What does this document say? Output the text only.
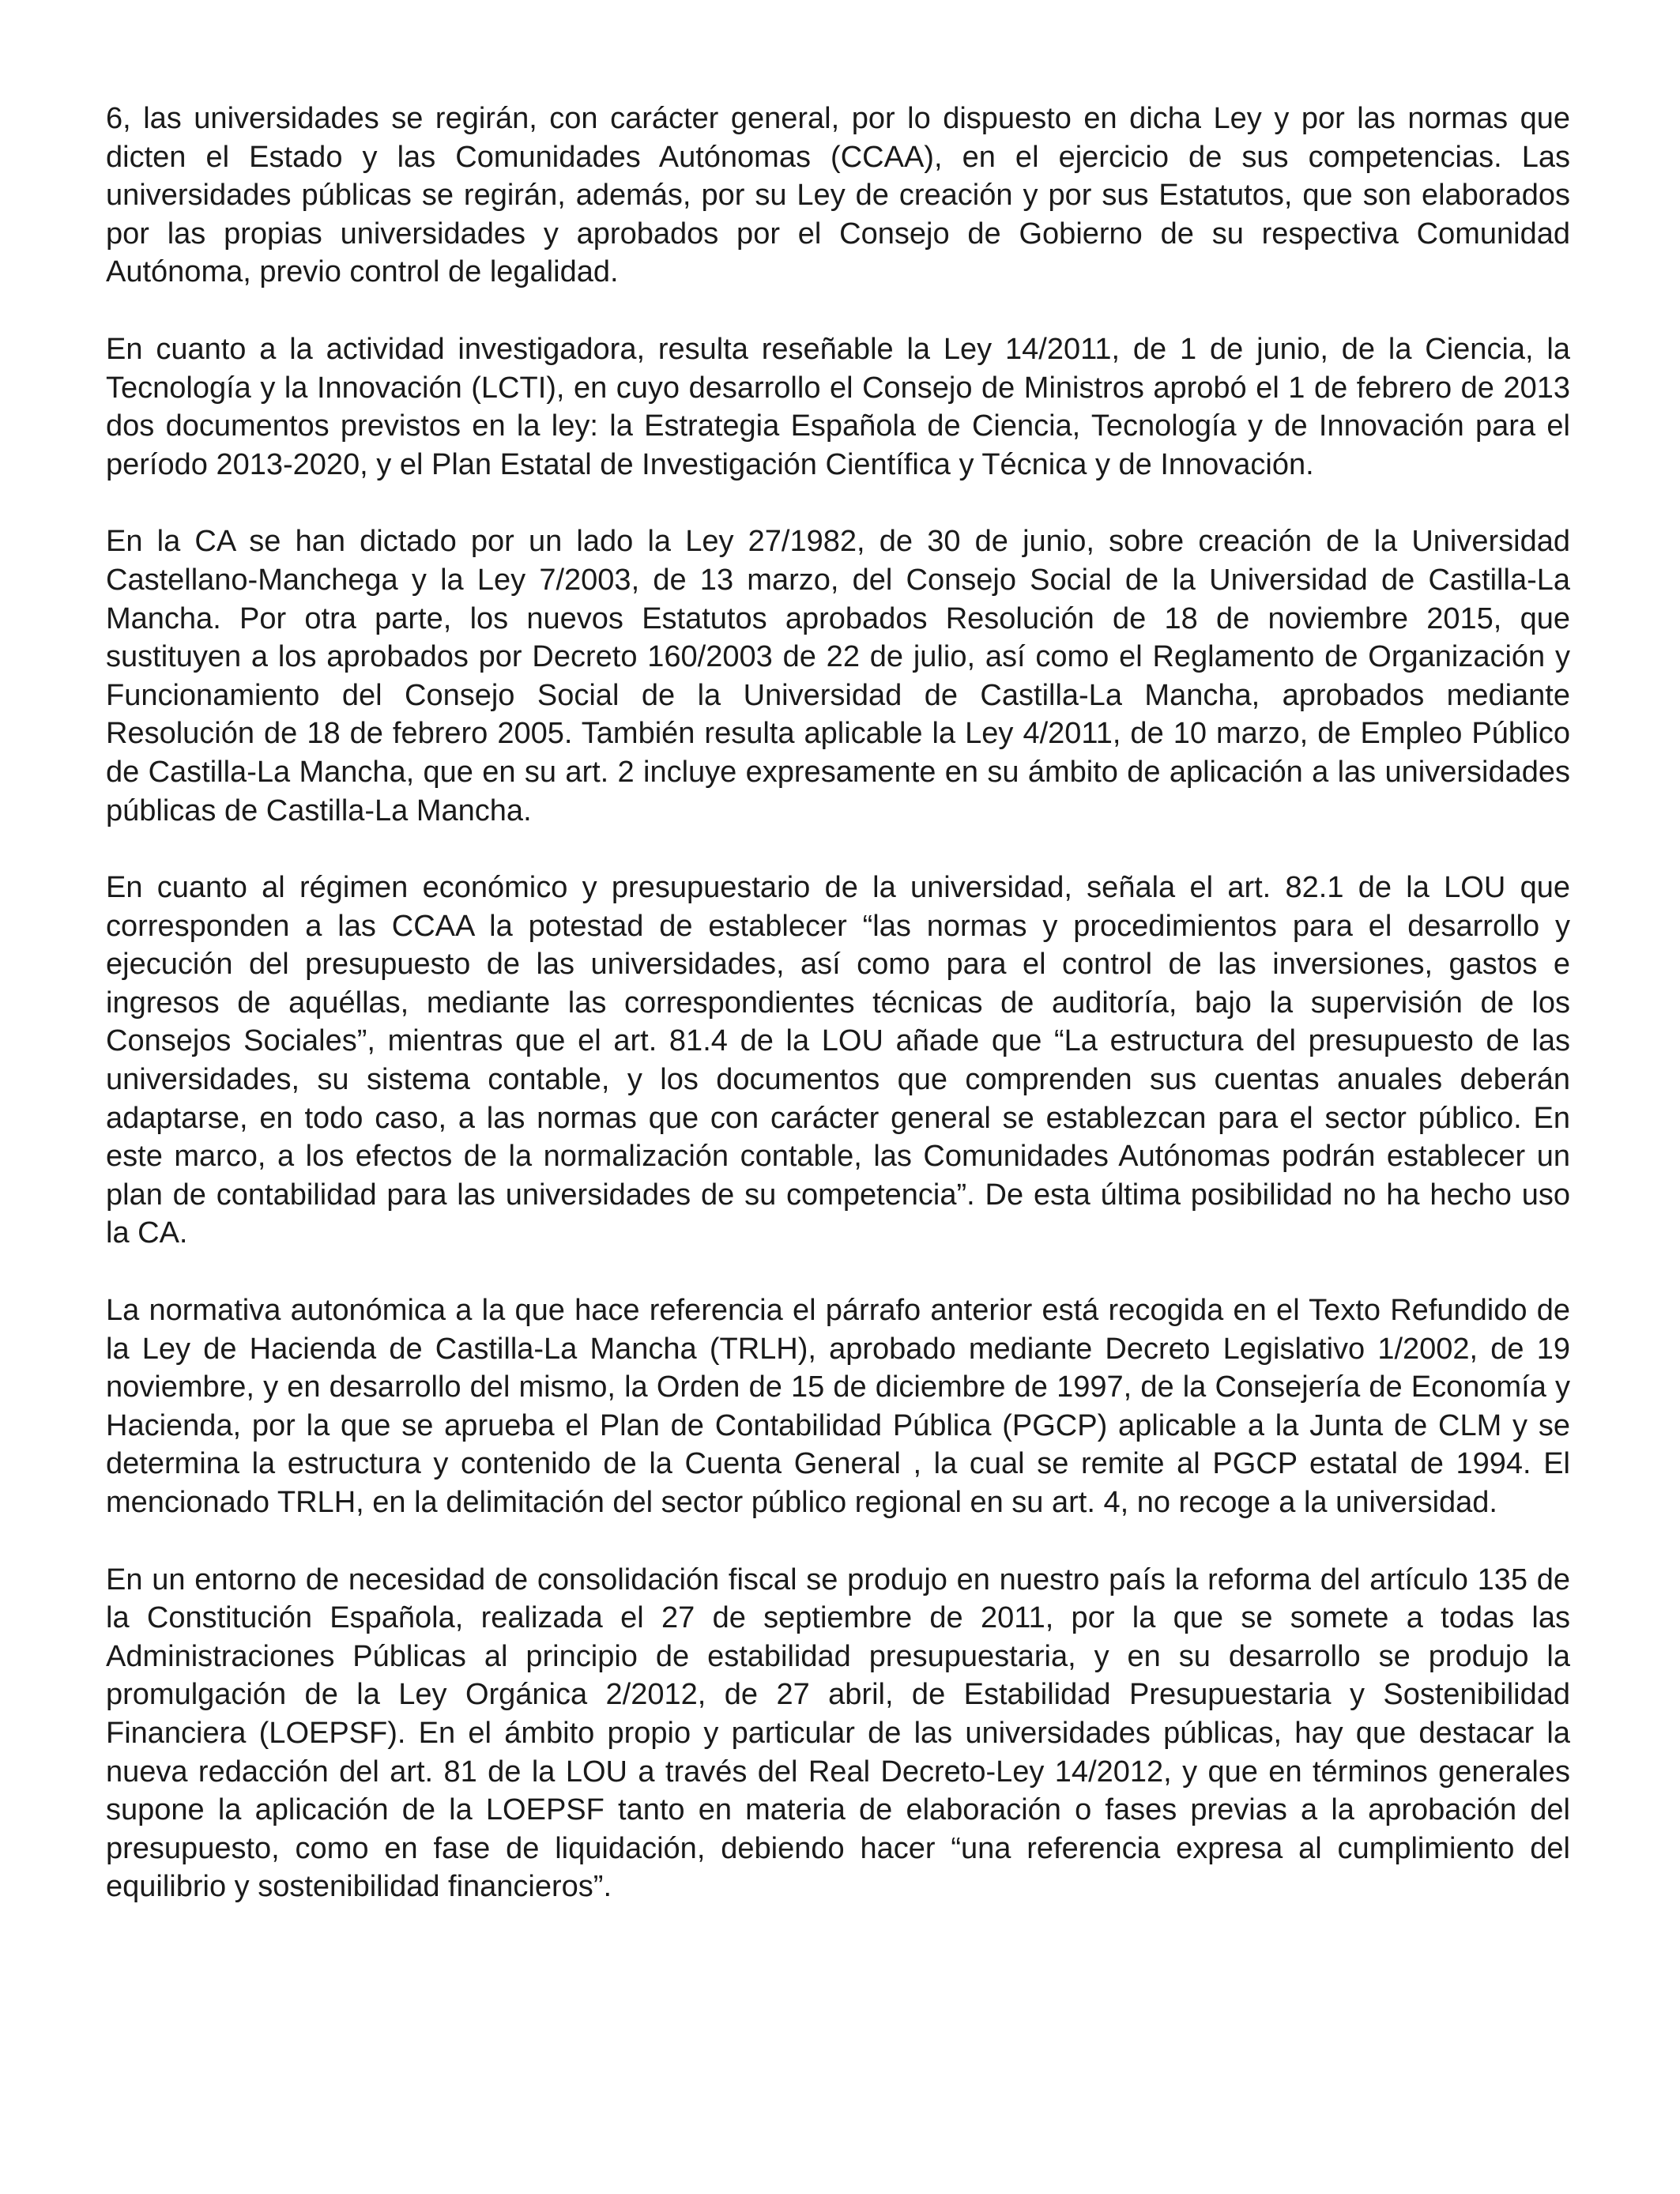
6, las universidades se regirán, con carácter general, por lo dispuesto en dicha Ley y por las normas que dicten el Estado y las Comunidades Autónomas (CCAA), en el ejercicio de sus competencias. Las universidades públicas se regirán, además, por su Ley de creación y por sus Estatutos, que son elaborados por las propias universidades y aprobados por el Consejo de Gobierno de su respectiva Comunidad Autónoma, previo control de legalidad.

En cuanto a la actividad investigadora, resulta reseñable la Ley 14/2011, de 1 de junio, de la Ciencia, la Tecnología y la Innovación (LCTI), en cuyo desarrollo el Consejo de Ministros aprobó el 1 de febrero de 2013 dos documentos previstos en la ley: la Estrategia Española de Ciencia, Tecnología y de Innovación para el período 2013-2020, y el Plan Estatal de Investigación Científica y Técnica y de Innovación.

En la CA se han dictado por un lado la Ley 27/1982, de 30 de junio, sobre creación de la Universidad Castellano-Manchega y la Ley 7/2003, de 13 marzo, del Consejo Social de la Universidad de Castilla-La Mancha. Por otra parte, los nuevos Estatutos aprobados Resolución de 18 de noviembre 2015, que sustituyen a los aprobados por Decreto 160/2003 de 22 de julio, así como el Reglamento de Organización y Funcionamiento del Consejo Social de la Universidad de Castilla-La Mancha, aprobados mediante Resolución de 18 de febrero 2005. También resulta aplicable la Ley 4/2011, de 10 marzo, de Empleo Público de Castilla-La Mancha, que en su art. 2 incluye expresamente en su ámbito de aplicación a las universidades públicas de Castilla-La Mancha.

En cuanto al régimen económico y presupuestario de la universidad, señala el art. 82.1 de la LOU que corresponden a las CCAA la potestad de establecer “las normas y procedimientos para el desarrollo y ejecución del presupuesto de las universidades, así como para el control de las inversiones, gastos e ingresos de aquéllas, mediante las correspondientes técnicas de auditoría, bajo la supervisión de los Consejos Sociales”, mientras que el art. 81.4 de la LOU añade que “La estructura del presupuesto de las universidades, su sistema contable, y los documentos que comprenden sus cuentas anuales deberán adaptarse, en todo caso, a las normas que con carácter general se establezcan para el sector público. En este marco, a los efectos de la normalización contable, las Comunidades Autónomas podrán establecer un plan de contabilidad para las universidades de su competencia”. De esta última posibilidad no ha hecho uso la CA.

La normativa autonómica a la que hace referencia el párrafo anterior está recogida en el Texto Refundido de la Ley de Hacienda de Castilla-La Mancha (TRLH), aprobado mediante Decreto Legislativo 1/2002, de 19 noviembre, y en desarrollo del mismo, la Orden de 15 de diciembre de 1997, de la Consejería de Economía y Hacienda, por la que se aprueba el Plan de Contabilidad Pública (PGCP) aplicable a la Junta de CLM y se determina la estructura y contenido de la Cuenta General , la cual se remite al PGCP estatal de 1994. El mencionado TRLH, en la delimitación del sector público regional en su art. 4, no recoge a la universidad.

En un entorno de necesidad de consolidación fiscal se produjo en nuestro país la reforma del artículo 135 de la Constitución Española, realizada el 27 de septiembre de 2011, por la que se somete a todas las Administraciones Públicas al principio de estabilidad presupuestaria, y en su desarrollo se produjo la promulgación de la Ley Orgánica 2/2012, de 27 abril, de Estabilidad Presupuestaria y Sostenibilidad Financiera (LOEPSF). En el ámbito propio y particular de las universidades públicas, hay que destacar la nueva redacción del art. 81 de la LOU a través del Real Decreto-Ley 14/2012, y que en términos generales supone la aplicación de la LOEPSF tanto en materia de elaboración o fases previas a la aprobación del presupuesto, como en fase de liquidación, debiendo hacer “una referencia expresa al cumplimiento del equilibrio y sostenibilidad financieros”.
